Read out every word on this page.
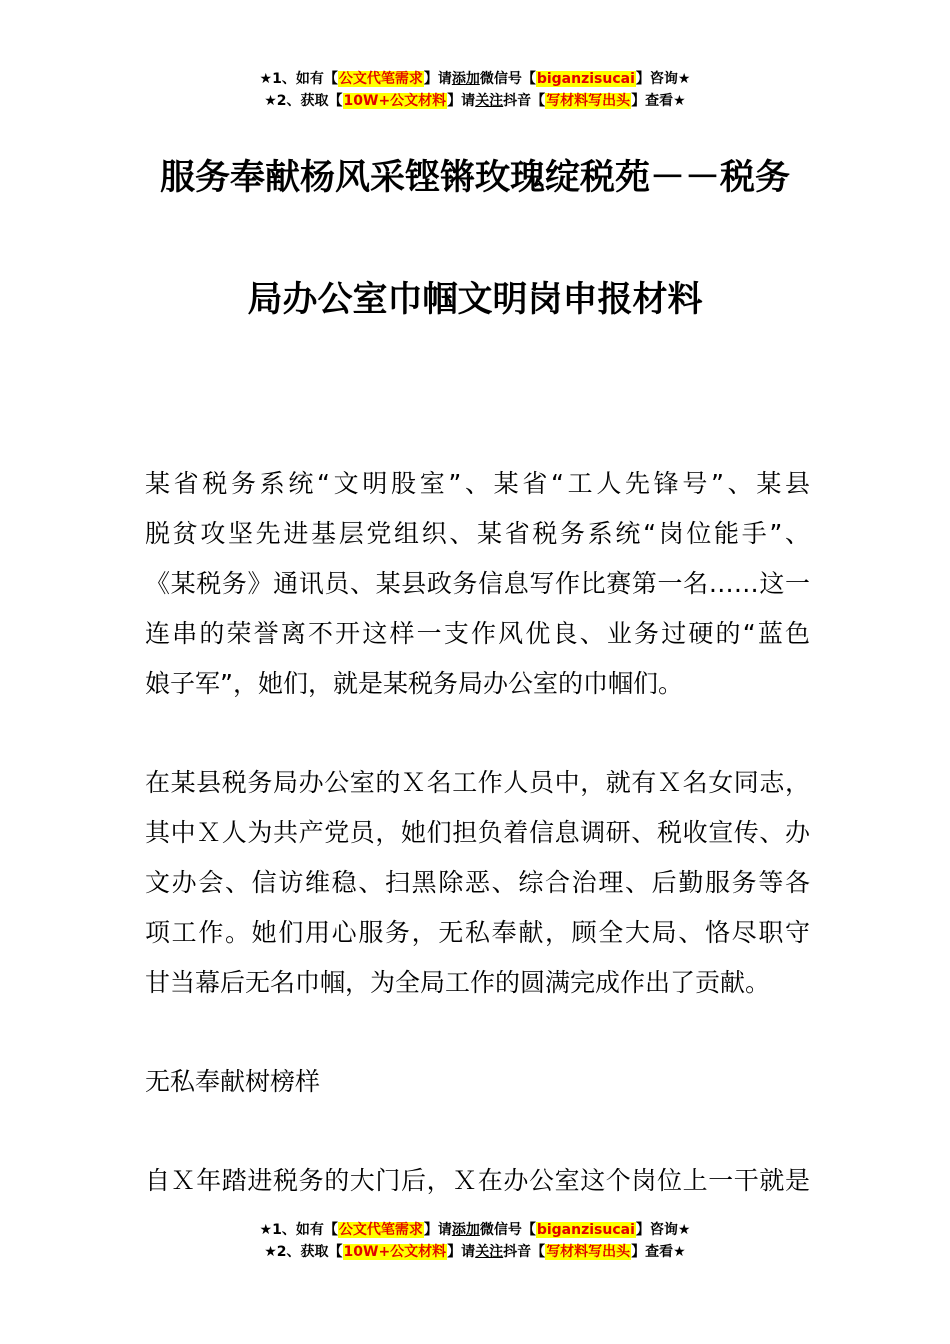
★1、如有【公文代笔需求】请添加微信号【biganzisucai】咨询★
★2、获取【10W+公文材料】请关注抖音【写材料写出头】查看★
服务奉献杨风采铿锵玫瑰绽税苑－－税务
局办公室巾帼文明岗申报材料
某省税务系统“文明股室”、某省“工人先锋号”、某县
脱贫攻坚先进基层党组织、某省税务系统“岗位能手”、
《某税务》通讯员、某县政务信息写作比赛第一名……这一
连串的荣誉离不开这样一支作风优良、业务过硬的“蓝色
娘子军”，她们，就是某税务局办公室的巾帼们。
在某县税务局办公室的Ｘ名工作人员中，就有Ｘ名女同志，
其中Ｘ人为共产党员，她们担负着信息调研、税收宣传、办
文办会、信访维稳、扫黑除恶、综合治理、后勤服务等各
项工作。她们用心服务，无私奉献，顾全大局、恪尽职守
甘当幕后无名巾帼，为全局工作的圆满完成作出了贡献。
无私奉献树榜样
自Ｘ年踏进税务的大门后，Ｘ在办公室这个岗位上一干就是
★1、如有【公文代笔需求】请添加微信号【biganzisucai】咨询★
★2、获取【10W+公文材料】请关注抖音【写材料写出头】查看★
